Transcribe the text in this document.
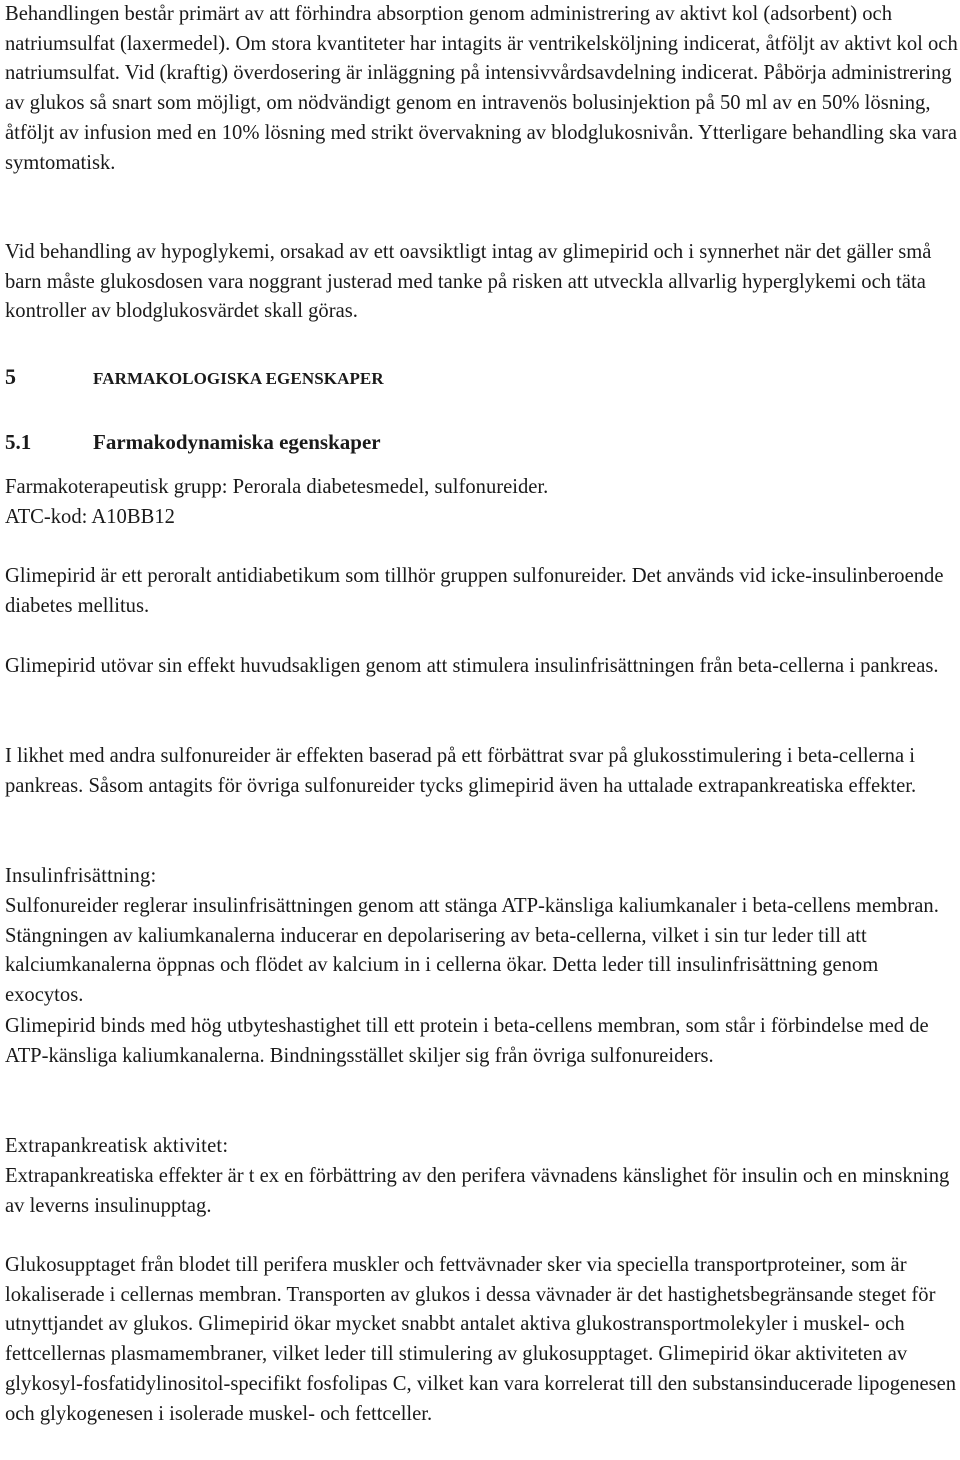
Behandlingen består primärt av att förhindra absorption genom administrering av aktivt kol (adsorbent) och natriumsulfat (laxermedel). Om stora kvantiteter har intagits är ventrikelsköljning indicerat, åtföljt av aktivt kol och natriumsulfat. Vid (kraftig) överdosering är inläggning på intensivvårdsavdelning indicerat. Påbörja administrering av glukos så snart som möjligt, om nödvändigt genom en intravenös bolusinjektion på 50 ml av en 50% lösning, åtföljt av infusion med en 10% lösning med strikt övervakning av blodglukosnivån. Ytterligare behandling ska vara symtomatisk.

Vid behandling av hypoglykemi, orsakad av ett oavsiktligt intag av glimepirid och i synnerhet när det gäller små barn måste glukosdosen vara noggrant justerad med tanke på risken att utveckla allvarlig hyperglykemi och täta kontroller av blodglukosvärdet skall göras.

5	FARMAKOLOGISKA EGENSKAPER
5.1	Farmakodynamiska egenskaper

Farmakoterapeutisk grupp: Perorala diabetesmedel, sulfonureider.

ATC-kod: A10BB12

Glimepirid är ett peroralt antidiabetikum som tillhör gruppen sulfonureider. Det används vid icke-insulinberoende diabetes mellitus.

Glimepirid utövar sin effekt huvudsakligen genom att stimulera insulinfrisättningen från beta-cellerna i pankreas.

I likhet med andra sulfonureider är effekten baserad på ett förbättrat svar på glukosstimulering i beta-cellerna i pankreas. Såsom antagits för övriga sulfonureider tycks glimepirid även ha uttalade extrapankreatiska effekter.

Insulinfrisättning:

Sulfonureider reglerar insulinfrisättningen genom att stänga ATP-känsliga kaliumkanaler i beta-cellens membran. Stängningen av kaliumkanalerna inducerar en depolarisering av beta-cellerna, vilket i sin tur leder till att kalciumkanalerna öppnas och flödet av kalcium in i cellerna ökar. Detta leder till insulinfrisättning genom exocytos.

Glimepirid binds med hög utbyteshastighet till ett protein i beta-cellens membran, som står i förbindelse med de ATP-känsliga kaliumkanalerna. Bindningsstället skiljer sig från övriga sulfonureiders.

Extrapankreatisk aktivitet:

Extrapankreatiska effekter är t ex en förbättring av den perifera vävnadens känslighet för insulin och en minskning av leverns insulinupptag.

Glukosupptaget från blodet till perifera muskler och fettvävnader sker via speciella transportproteiner, som är lokaliserade i cellernas membran. Transporten av glukos i dessa vävnader är det hastighetsbegränsande steget för utnyttjandet av glukos. Glimepirid ökar mycket snabbt antalet aktiva glukostransportmolekyler i muskel- och fettcellernas plasmamembraner, vilket leder till stimulering av glukosupptaget. Glimepirid ökar aktiviteten av glykosyl-fosfatidylinositol-specifikt fosfolipas C, vilket kan vara korrelerat till den substansinducerade lipogenesen och glykogenesen i isolerade muskel- och fettceller.
